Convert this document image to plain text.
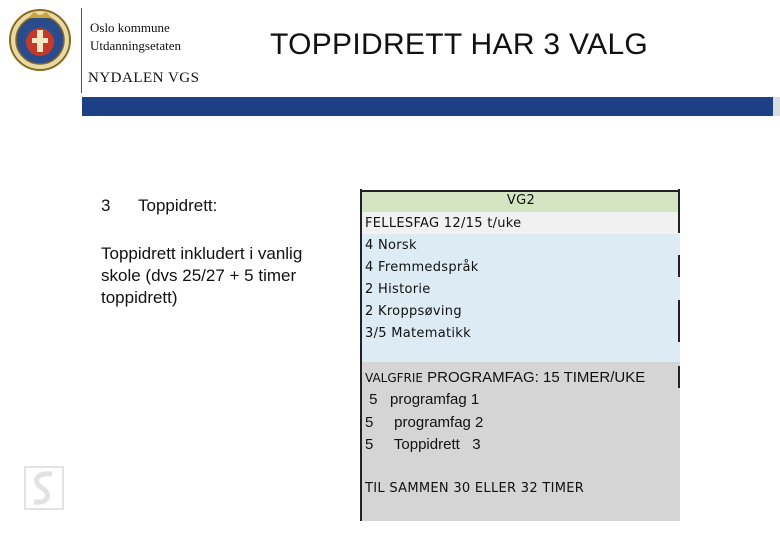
Oslo kommune
Utdanningsetaten	TOPPIDRETT HAR 3 VALG
NYDALEN VGS
3 Toppidrett:
Toppidrett inkludert i vanlig skole (dvs 25/27 + 5 timer toppidrett)
VG2
FELLESFAG 12/15 t/uke
4 Norsk
4 Fremmedspråk
2 Historie
2 Kroppsøving
3/5 Matematikk
VALGFRIE PROGRAMFAG: 15 TIMER/UKE
5   programfag 1
5     programfag 2
5     Toppidrett   3
TIL SAMMEN 30 ELLER 32 TIMER
